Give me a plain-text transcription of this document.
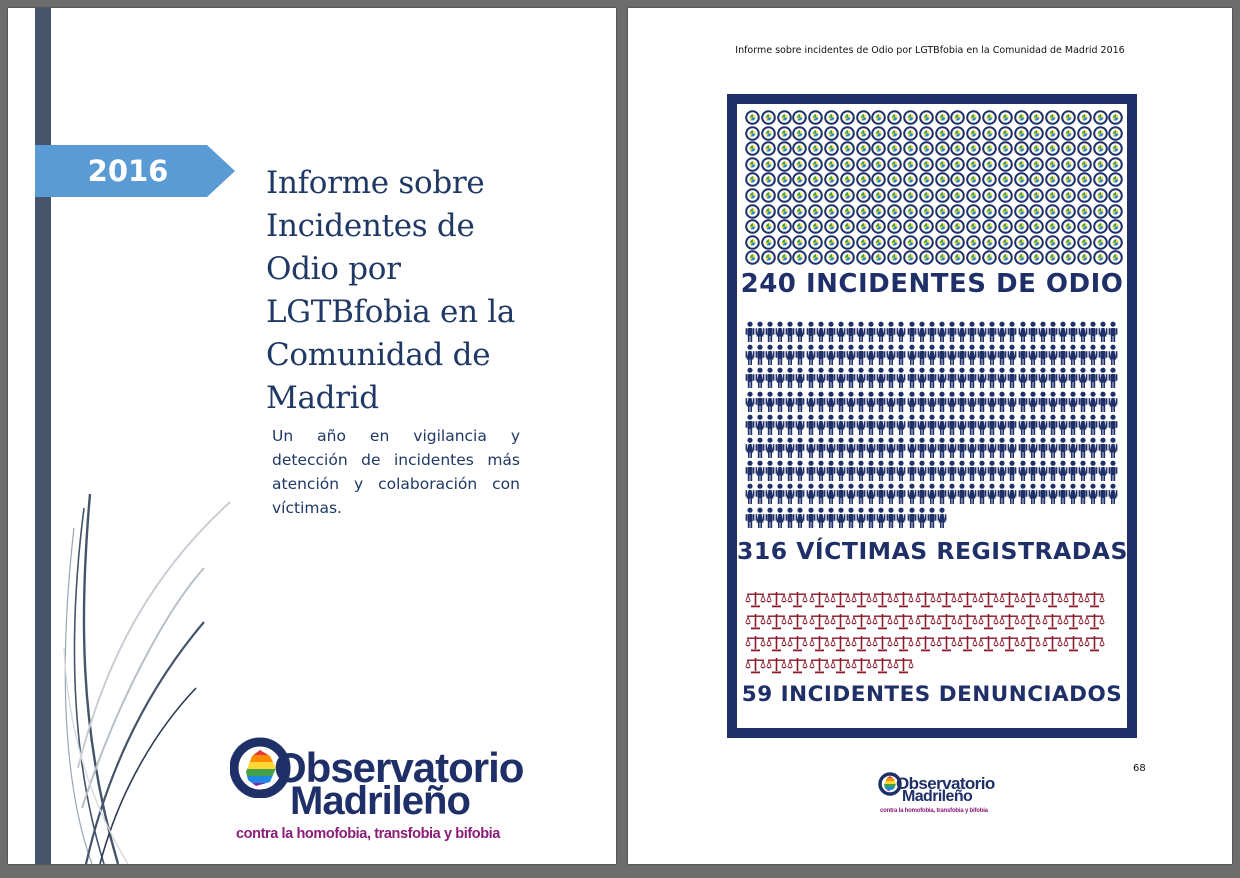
2016	Informe sobre
Incidentes de
Odio por
LGTBfobia en la
Comunidad de
Madrid

Un año en vigilancia y detección de incidentes más atención y colaboración con víctimas.

Observatorio
Madrileño
contra la homofobia, transfobia y bifobia
Informe sobre incidentes de Odio por LGTBfobia en la Comunidad de Madrid 2016

240 INCIDENTES DE ODIO

316 VÍCTIMAS REGISTRADAS

59 INCIDENTES DENUNCIADOS

68
Observatorio
Madrileño
contra la homofobia, transfobia y bifobia
